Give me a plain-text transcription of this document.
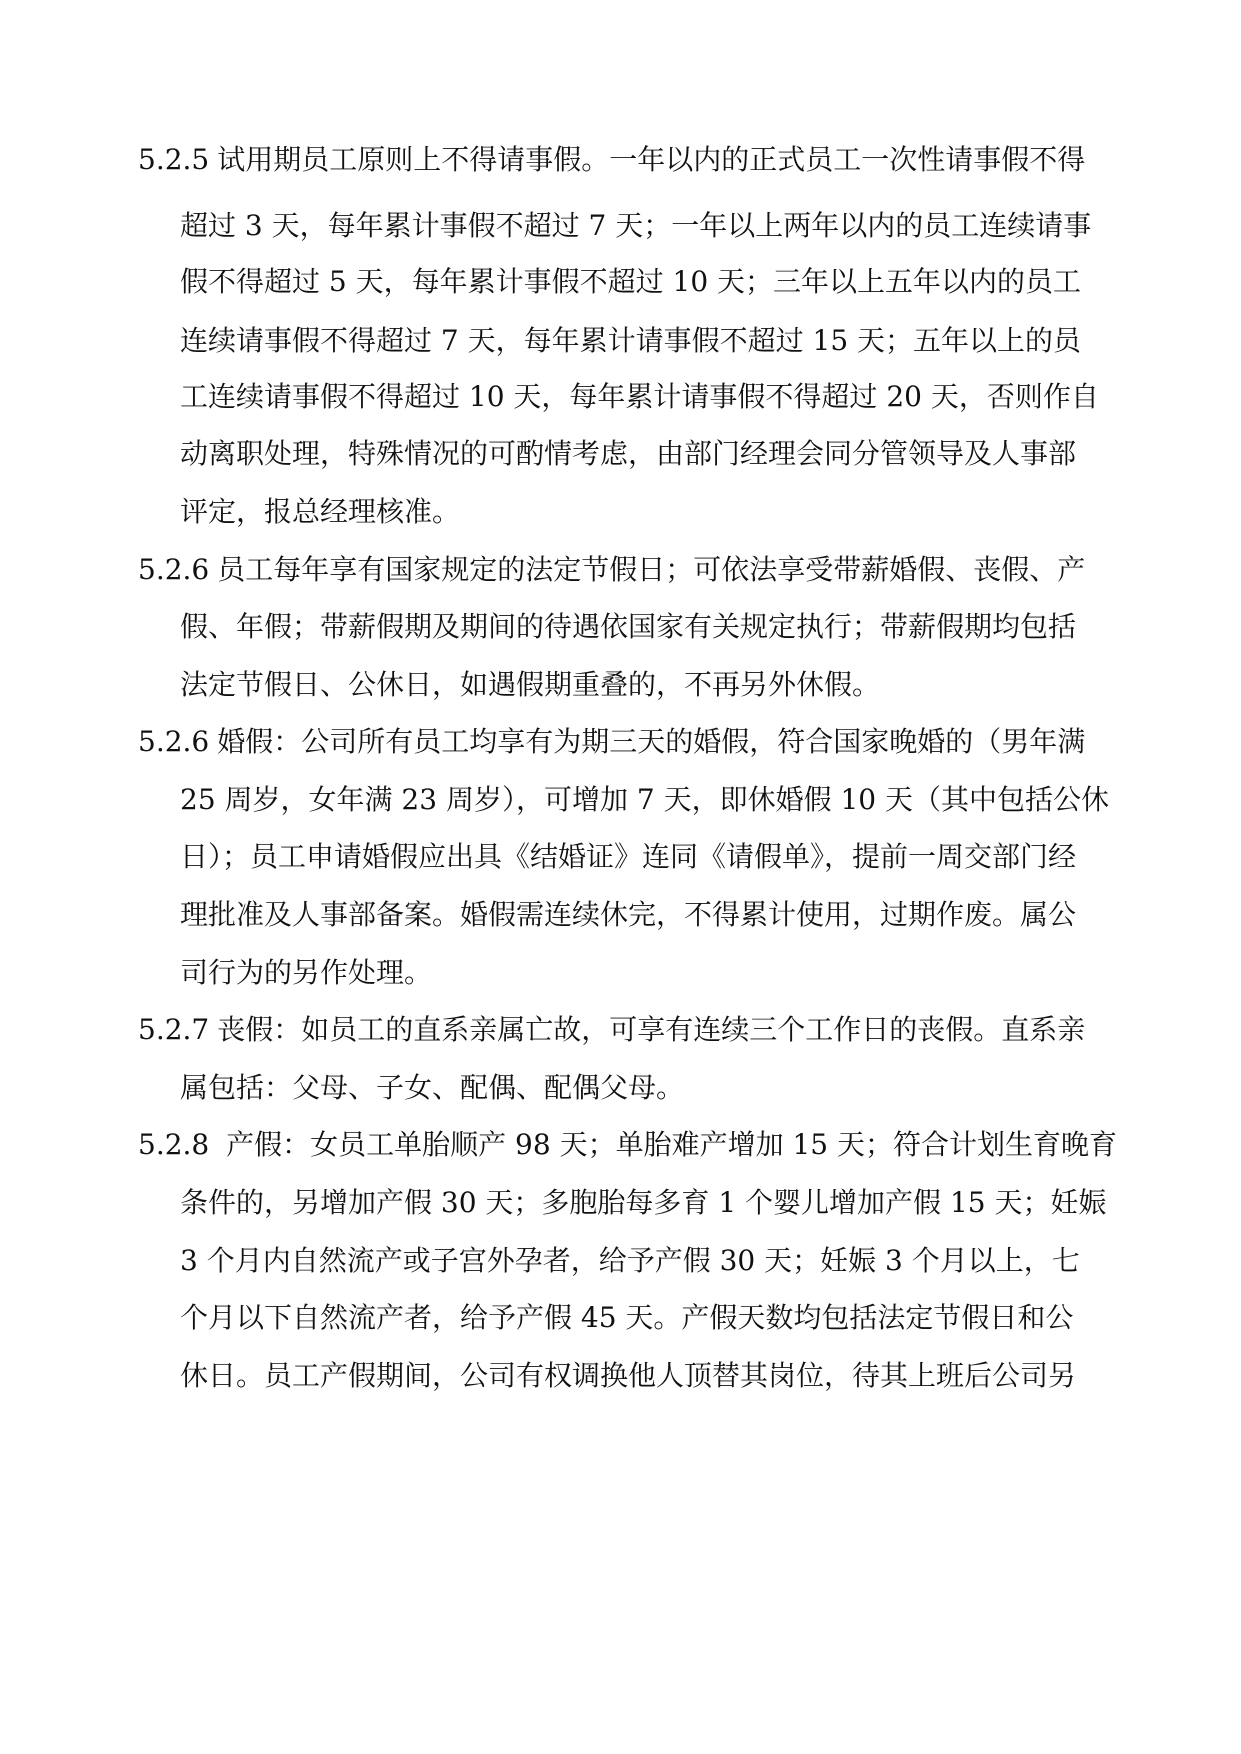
5.2.5 试用期员工原则上不得请事假。一年以内的正式员工一次性请事假不得
超过 3 天，每年累计事假不超过 7 天；一年以上两年以内的员工连续请事
假不得超过 5 天，每年累计事假不超过 10 天；三年以上五年以内的员工
连续请事假不得超过 7 天，每年累计请事假不超过 15 天；五年以上的员
工连续请事假不得超过 10 天，每年累计请事假不得超过 20 天，否则作自
动离职处理，特殊情况的可酌情考虑，由部门经理会同分管领导及人事部
评定，报总经理核准。
5.2.6 员工每年享有国家规定的法定节假日；可依法享受带薪婚假、丧假、产
假、年假；带薪假期及期间的待遇依国家有关规定执行；带薪假期均包括
法定节假日、公休日，如遇假期重叠的，不再另外休假。
5.2.6 婚假：公司所有员工均享有为期三天的婚假，符合国家晚婚的（男年满
25 周岁，女年满 23 周岁），可增加 7 天，即休婚假 10 天（其中包括公休
日）；员工申请婚假应出具《结婚证》连同《请假单》，提前一周交部门经
理批准及人事部备案。婚假需连续休完，不得累计使用，过期作废。属公
司行为的另作处理。
5.2.7 丧假：如员工的直系亲属亡故，可享有连续三个工作日的丧假。直系亲
属包括：父母、子女、配偶、配偶父母。
5.2.8 产假：女员工单胎顺产 98 天；单胎难产增加 15 天；符合计划生育晚育
条件的，另增加产假 30 天；多胞胎每多育 1 个婴儿增加产假 15 天；妊娠
3 个月内自然流产或子宫外孕者，给予产假 30 天；妊娠 3 个月以上，七
个月以下自然流产者，给予产假 45 天。产假天数均包括法定节假日和公
休日。员工产假期间，公司有权调换他人顶替其岗位，待其上班后公司另
